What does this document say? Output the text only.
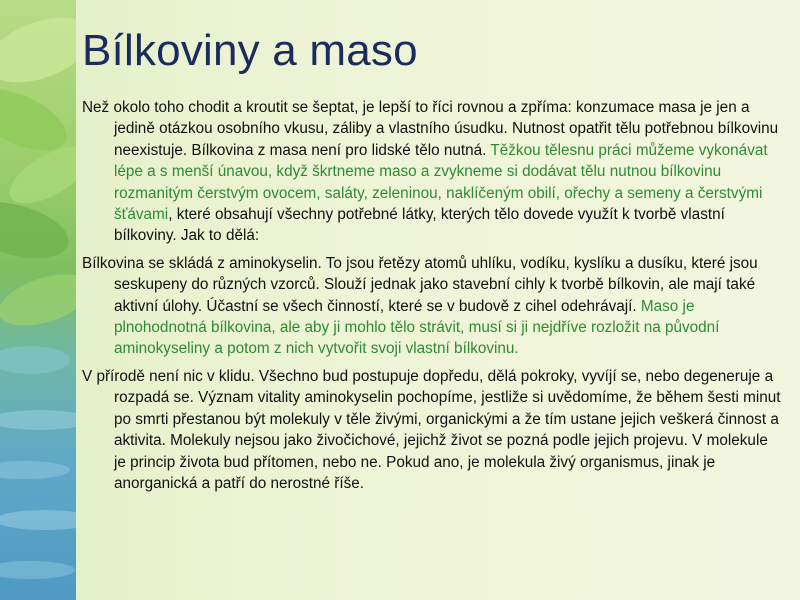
Bílkoviny a maso

Než okolo toho chodit a kroutit se šeptat, je lepší to říci rovnou a zpříma: konzumace masa je jen a jedině otázkou osobního vkusu, záliby a vlastního úsudku. Nutnost opatřit tělu potřebnou bílkovinu neexistuje. Bílkovina z masa není pro lidské tělo nutná. Těžkou tělesnu práci můžeme vykonávat lépe a s menší únavou, když škrtneme maso a zvykneme si dodávat tělu nutnou bílkovinu rozmanitým čerstvým ovocem, saláty, zeleninou, naklíčeným obilí, ořechy a semeny a čerstvými šťávami, které obsahují všechny potřebné látky, kterých tělo dovede využít k tvorbě vlastní bílkoviny. Jak to dělá:

Bílkovina se skládá z aminokyselin. To jsou řetězy atomů uhlíku, vodíku, kyslíku a dusíku, které jsou seskupeny do různých vzorců. Slouží jednak jako stavební cihly k tvorbě bílkovin, ale mají také aktivní úlohy. Účastní se všech činností, které se v budově z cihel odehrávají. Maso je plnohodnotná bílkovina, ale aby ji mohlo tělo strávit, musí si ji nejdříve rozložit na původní aminokyseliny a potom z nich vytvořit svoji vlastní bílkovinu.

V přírodě není nic v klidu. Všechno bud postupuje dopředu, dělá pokroky, vyvíjí se, nebo degeneruje a rozpadá se. Význam vitality aminokyselin pochopíme, jestliže si uvědomíme, že během šesti minut po smrti přestanou být molekuly v těle živými, organickými a že tím ustane jejich veškerá činnost a aktivita. Molekuly nejsou jako živočichové, jejichž život se pozná podle jejich projevu. V molekule je princip života bud přítomen, nebo ne. Pokud ano, je molekula živý organismus, jinak je anorganická a patří do nerostné říše.
